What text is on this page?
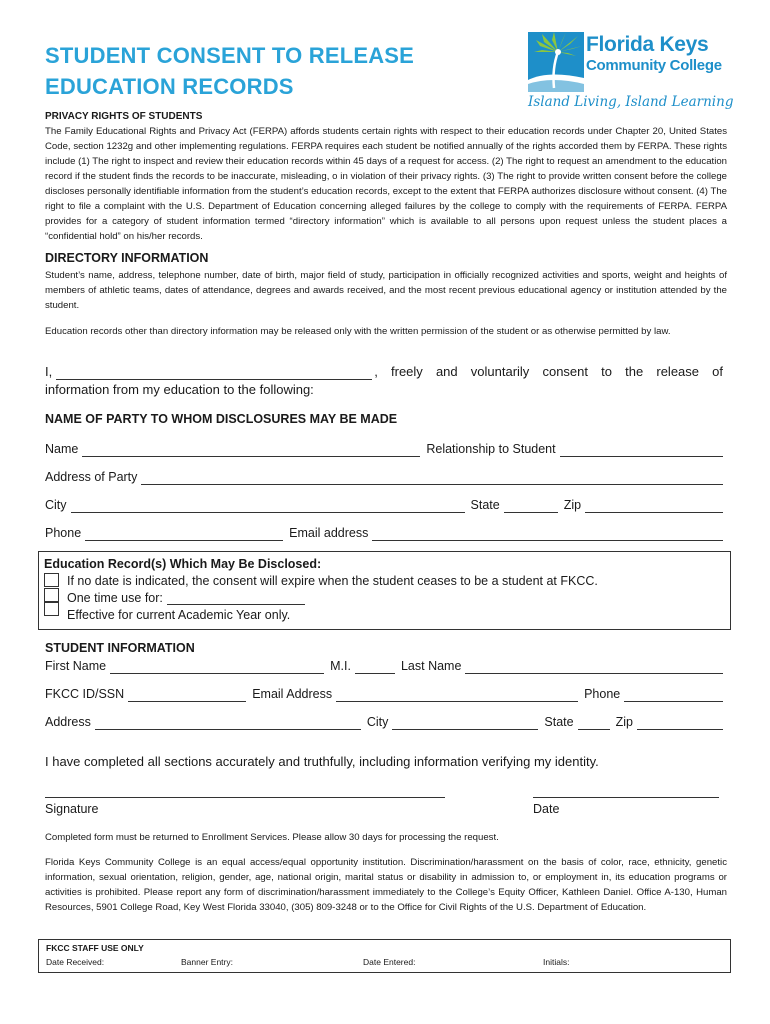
STUDENT CONSENT TO RELEASE
EDUCATION RECORDS
Florida Keys
Community College
Island Living, Island Learning
PRIVACY RIGHTS OF STUDENTS
The Family Educational Rights and Privacy Act (FERPA) affords students certain rights with respect to their education records under Chapter 20, United States Code, section 1232g and other implementing regulations. FERPA requires each student be notified annually of the rights accorded them by FERPA. These rights include (1) The right to inspect and review their education records within 45 days of a request for access. (2) The right to request an amendment to the education record if the student finds the records to be inaccurate, misleading, o in violation of their privacy rights. (3) The right to provide written consent before the college discloses personally identifiable information from the student’s education records, except to the extent that FERPA authorizes disclosure without consent. (4) The right to file a complaint with the U.S. Department of Education concerning alleged failures by the college to comply with the requirements of FERPA. FERPA provides for a category of student information termed “directory information” which is available to all persons upon request unless the student places a “confidential hold” on his/her records.
DIRECTORY INFORMATION
Student’s name, address, telephone number, date of birth, major field of study, participation in officially recognized activities and sports, weight and heights of members of athletic teams, dates of attendance, degrees and awards received, and the most recent previous educational agency or institution attended by the student.
Education records other than directory information may be released only with the written permission of the student or as otherwise permitted by law.
I,	, freely and voluntarily consent to the release of
information from my education to the following:
NAME OF PARTY TO WHOM DISCLOSURES MAY BE MADE
Name	Relationship to Student
Address of Party
City	State	Zip
Phone	Email address
Education Record(s) Which May Be Disclosed:
If no date is indicated, the consent will expire when the student ceases to be a student at FKCC.
One time use for:
Effective for current Academic Year only.
STUDENT INFORMATION
First Name	M.I.	Last Name
FKCC ID/SSN	Email Address	Phone
Address	City	State	Zip
I have completed all sections accurately and truthfully, including information verifying my identity.
Signature	Date
Completed form must be returned to Enrollment Services. Please allow 30 days for processing the request.
Florida Keys Community College is an equal access/equal opportunity institution. Discrimination/harassment on the basis of color, race, ethnicity, genetic information, sexual orientation, religion, gender, age, national origin, marital status or disability in admission to, or employment in, its education programs or activities is prohibited. Please report any form of discrimination/harassment immediately to the College’s Equity Officer, Kathleen Daniel. Office A-130, Human Resources, 5901 College Road, Key West Florida 33040, (305) 809-3248 or to the Office for Civil Rights of the U.S. Department of Education.
FKCC STAFF USE ONLY
Date Received:	Banner Entry:	Date Entered:	Initials:
